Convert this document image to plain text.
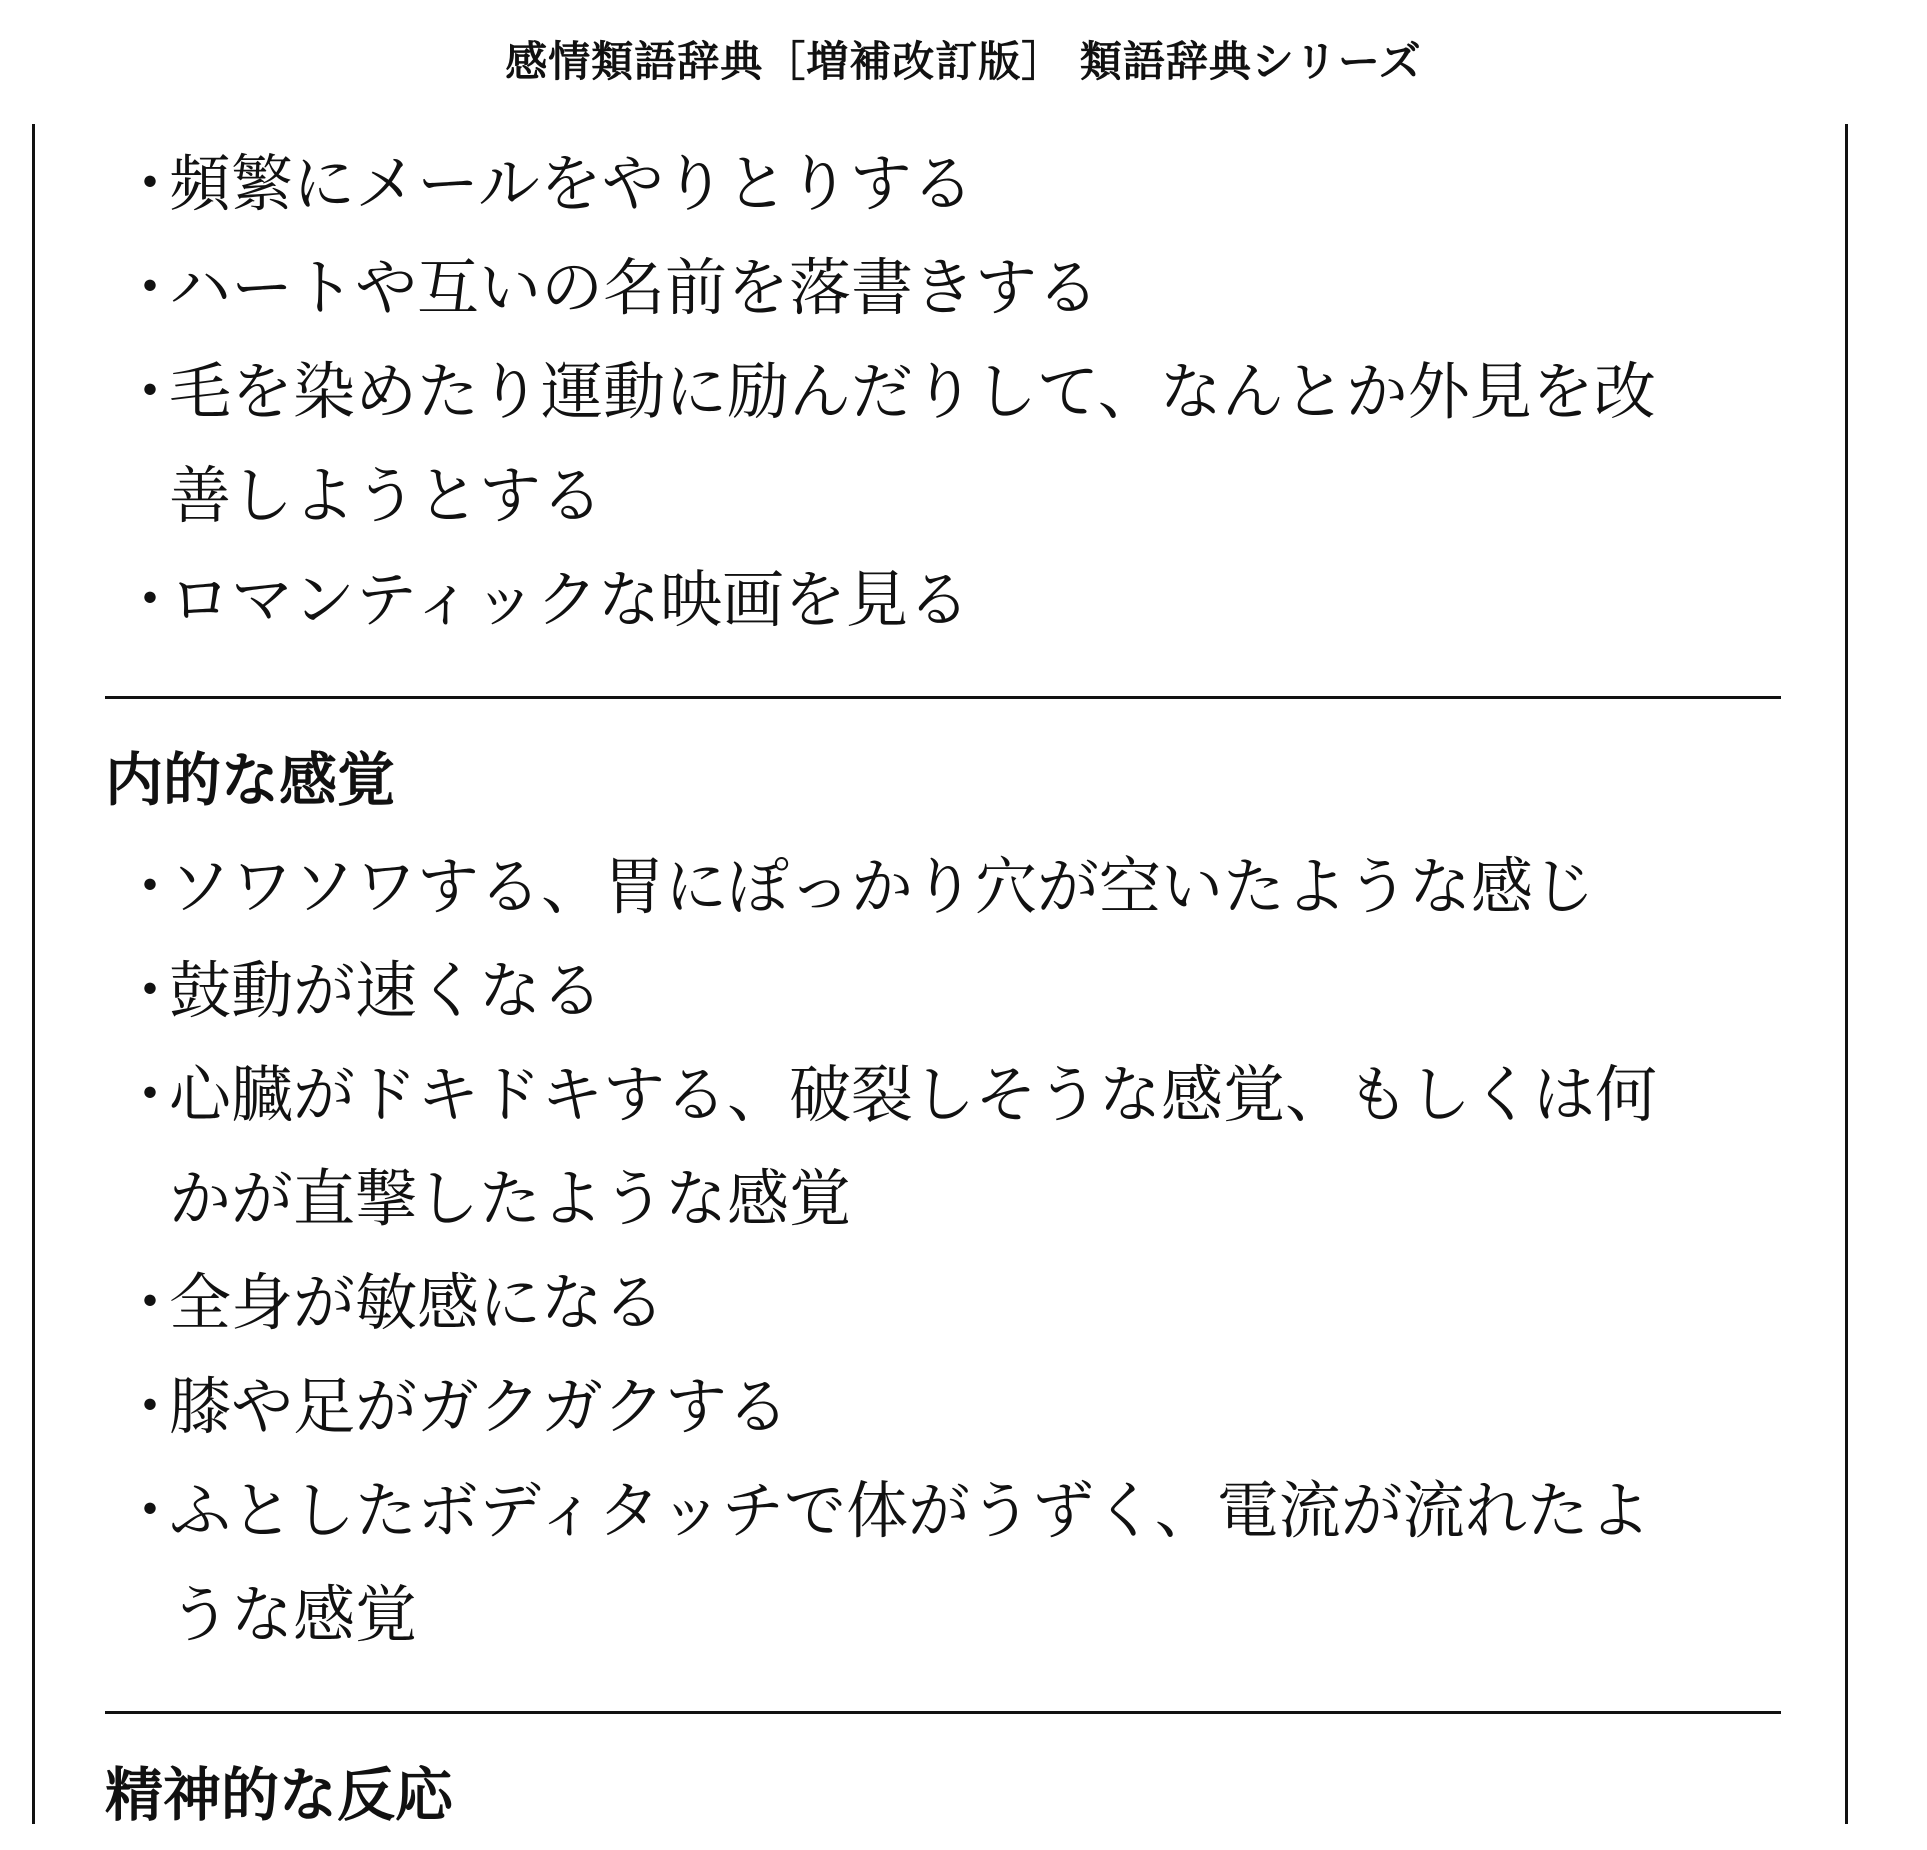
感情類語辞典［増補改訂版］ 類語辞典シリーズ
・
頻繁にメールをやりとりする
・
ハートや互いの名前を落書きする
・
毛を染めたり運動に励んだりして、なんとか外見を改
善しようとする
・
ロマンティックな映画を見る
内的な感覚
・
ソワソワする、胃にぽっかり穴が空いたような感じ
・
鼓動が速くなる
・
心臓がドキドキする、破裂しそうな感覚、もしくは何
かが直撃したような感覚
・
全身が敏感になる
・
膝や足がガクガクする
・
ふとしたボディタッチで体がうずく、電流が流れたよ
うな感覚
精神的な反応
